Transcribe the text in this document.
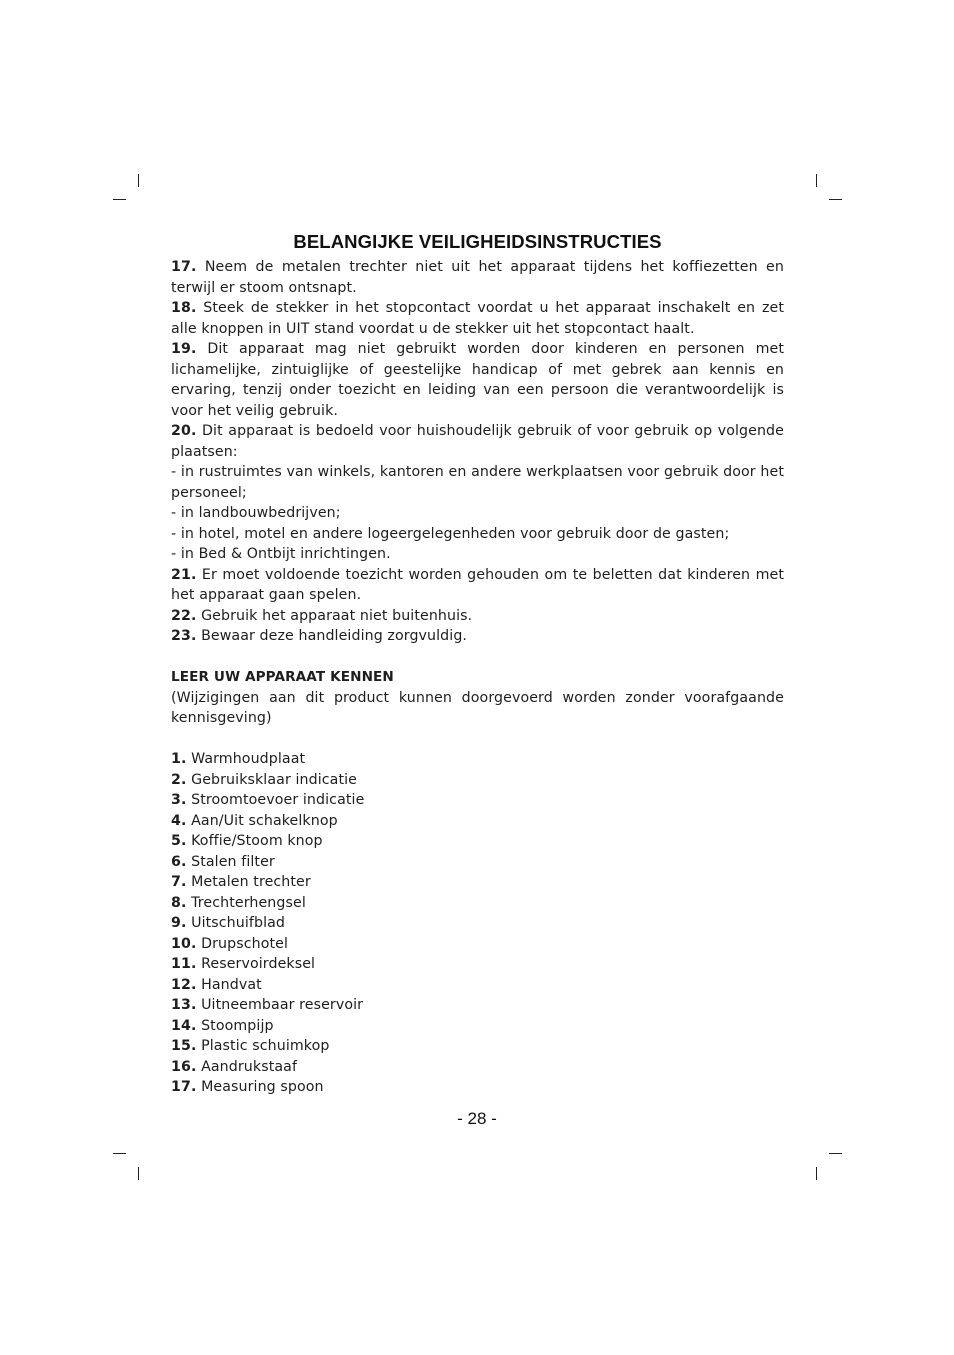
BELANGIJKE VEILIGHEIDSINSTRUCTIES

17. Neem de metalen trechter niet uit het apparaat tijdens het koffiezetten en terwijl er stoom ontsnapt.

18. Steek de stekker in het stopcontact voordat u het apparaat inschakelt en zet alle knoppen in UIT stand voordat u de stekker uit het stopcontact haalt.

19. Dit apparaat mag niet gebruikt worden door kinderen en personen met lichamelijke, zintuiglijke of geestelijke handicap of met gebrek aan kennis en ervaring, tenzij onder toezicht en leiding van een persoon die verantwoordelijk is voor het veilig gebruik.

20. Dit apparaat is bedoeld voor huishoudelijk gebruik of voor gebruik op volgende plaatsen:

- in rustruimtes van winkels, kantoren en andere werkplaatsen voor gebruik door het personeel;

- in landbouwbedrijven;

- in hotel, motel en andere logeergelegenheden voor gebruik door de gasten;

- in Bed & Ontbijt inrichtingen.

21. Er moet voldoende toezicht worden gehouden om te beletten dat kinderen met het apparaat gaan spelen.

22. Gebruik het apparaat niet buitenhuis.

23. Bewaar deze handleiding zorgvuldig.

LEER UW APPARAAT KENNEN

(Wijzigingen aan dit product kunnen doorgevoerd worden zonder voorafgaande kennisgeving)

1. Warmhoudplaat

2. Gebruiksklaar indicatie

3. Stroomtoevoer indicatie

4. Aan/Uit schakelknop

5. Koffie/Stoom knop

6. Stalen filter

7. Metalen trechter

8. Trechterhengsel

9. Uitschuifblad

10. Drupschotel

11. Reservoirdeksel

12. Handvat

13. Uitneembaar reservoir

14. Stoompijp

15. Plastic schuimkop

16. Aandrukstaaf

17. Measuring spoon

- 28 -
